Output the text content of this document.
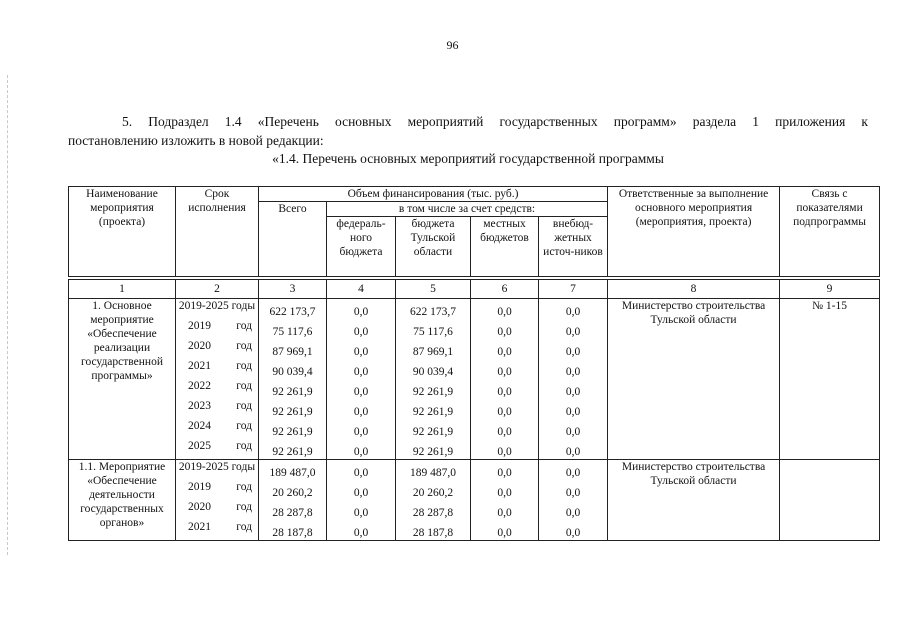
96
5. Подраздел 1.4 «Перечень основных мероприятий государственных программ» раздела 1 приложения к
постановлению изложить в новой редакции:
«1.4. Перечень основных мероприятий государственной программы
Наименование мероприятия (проекта)	Срок исполнения	Объем финансирования (тыс. руб.)					Ответственные за выполнение основного мероприятия (мероприятия, проекта)	Связь с показателями подпрограммы
		Всего	в том числе за счет средств:					
			федераль-ного бюджета	бюджета Тульской области	местных бюджетов	внебюд-жетных источ-ников		

1	2	3	4	5	6	7	8	9
1. Основное мероприятие «Обеспечение реализации государственной программы»	2019-2025 годы	622 173,7	0,0	622 173,7	0,0	0,0	Министерство строительства Тульской области	№ 1-15

	2019 год	75 117,6	0,0	75 117,6	0,0	0,0		

	2020 год	87 969,1	0,0	87 969,1	0,0	0,0		

	2021 год	90 039,4	0,0	90 039,4	0,0	0,0		

	2022 год	92 261,9	0,0	92 261,9	0,0	0,0		

	2023 год	92 261,9	0,0	92 261,9	0,0	0,0		

	2024 год	92 261,9	0,0	92 261,9	0,0	0,0		

	2025 год	92 261,9	0,0	92 261,9	0,0	0,0		
1.1. Мероприятие «Обеспечение деятельности государственных органов»	2019-2025 годы	189 487,0	0,0	189 487,0	0,0	0,0	Министерство строительства Тульской области	

	2019 год	20 260,2	0,0	20 260,2	0,0	0,0		

	2020 год	28 287,8	0,0	28 287,8	0,0	0,0		

	2021 год	28 187,8	0,0	28 187,8	0,0	0,0		
